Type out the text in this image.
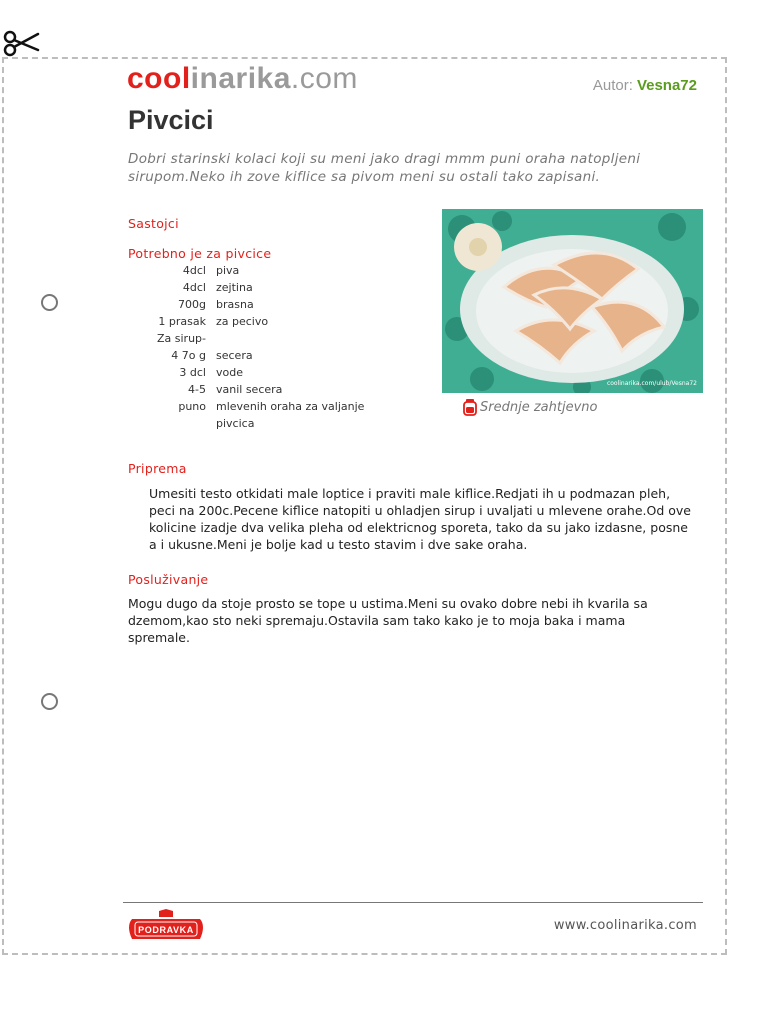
coolinarika.com	Autor: Vesna72
Pivcici

Dobri starinski kolaci koji su meni jako dragi mmm puni oraha natopljeni sirupom.Neko ih zove kiflice sa pivom meni su ostali tako zapisani.

Sastojci
Potrebno je za pivcice
4dcl piva
4dcl zejtina
700g brasna
1 prasak za pecivo
Za sirup-
4 7o g secera
3 dcl vode
4-5 vanil secera
puno mlevenih oraha za valjanje pivcica
coolinarika.com/ulub/Vesna72
Srednje zahtjevno
Priprema

Umesiti testo otkidati male loptice i praviti male kiflice.Redjati ih u podmazan pleh, peci na 200c.Pecene kiflice natopiti u ohladjen sirup i uvaljati u mlevene orahe.Od ove kolicine izadje dva velika pleha od elektricnog sporeta, tako da su jako izdasne, posne a i ukusne.Meni je bolje kad u testo stavim i dve sake oraha.

Posluživanje

Mogu dugo da stoje prosto se tope u ustima.Meni su ovako dobre nebi ih kvarila sa dzemom,kao sto neki spremaju.Ostavila sam tako kako je to moja baka i mama spremale.

PODRAVKA	www.coolinarika.com
